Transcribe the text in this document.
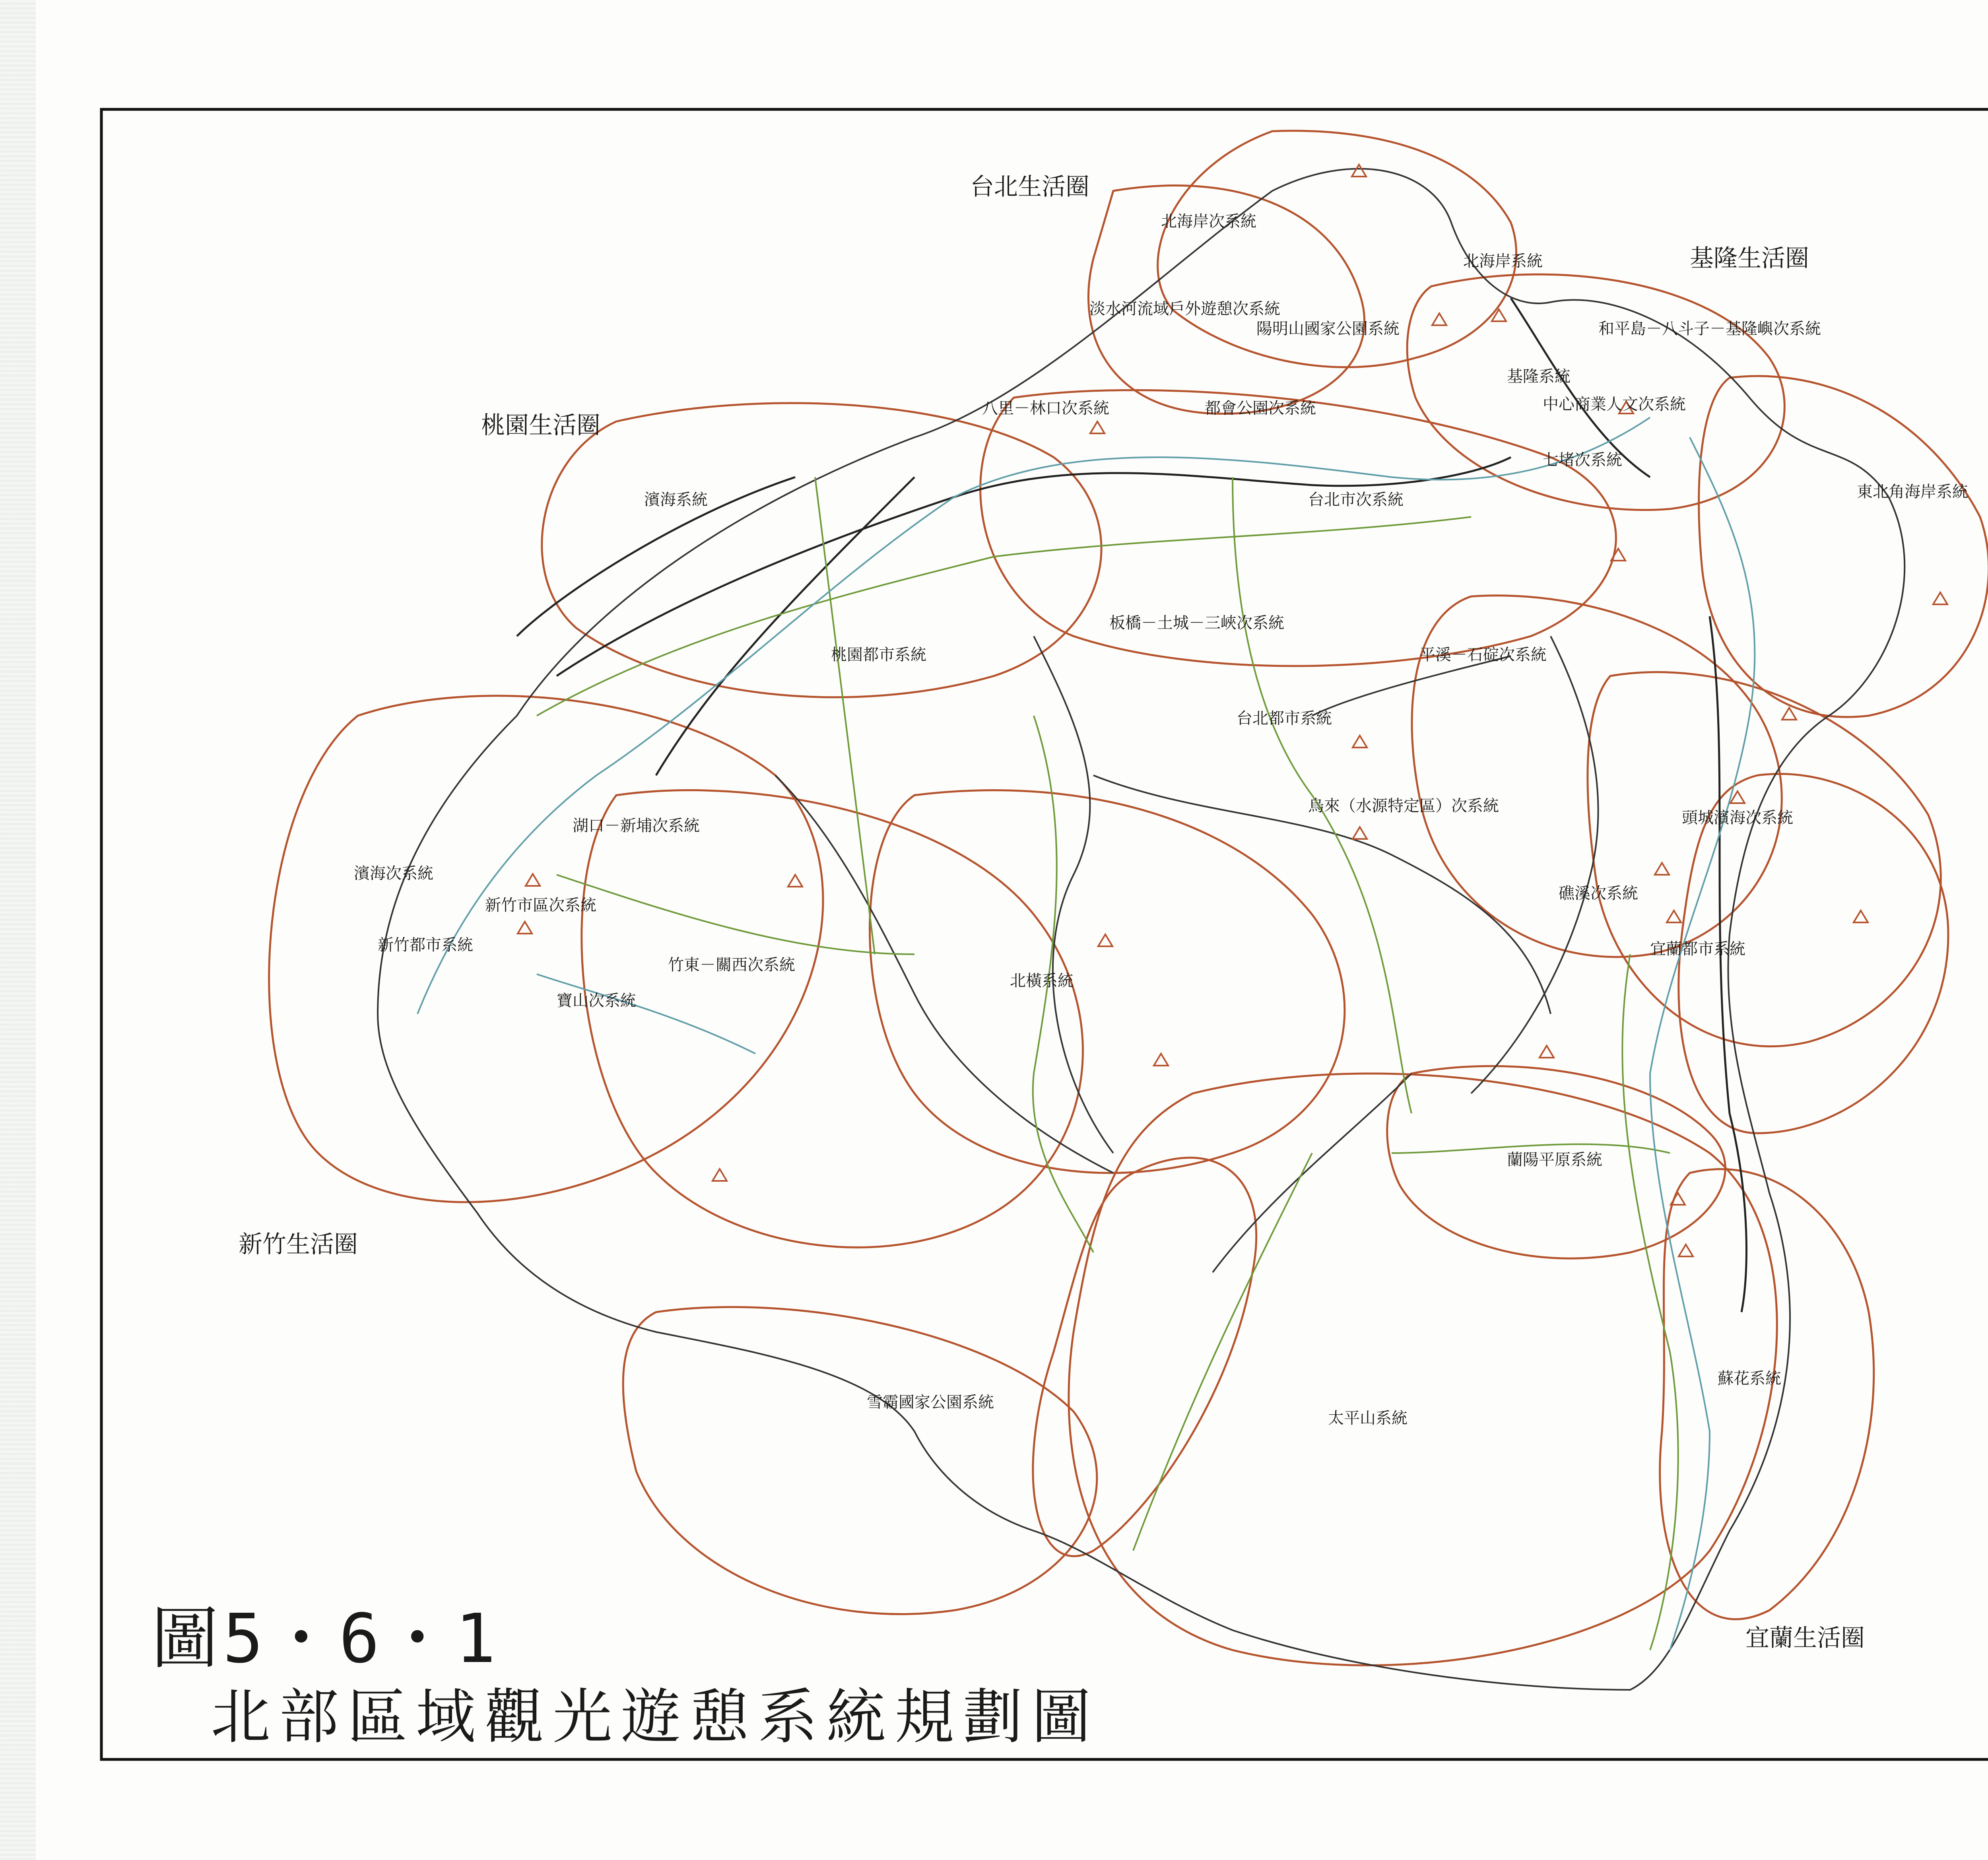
台北生活圈
基隆生活圈
桃園生活圈
新竹生活圈
宜蘭生活圈
北海岸次系統
北海岸系統
淡水河流域戶外遊憩次系統
陽明山國家公園系統	和平島－八斗子－基隆嶼次系統
基隆系統
中心商業人文次系統
八里－林口次系統	都會公園次系統
七堵次系統
東北角海岸系統
濱海系統	台北市次系統
板橋－土城－三峽次系統
平溪－石碇次系統
桃園都市系統
台北都市系統
烏來（水源特定區）次系統
湖口－新埔次系統	頭城濱海次系統
濱海次系統
新竹市區次系統
礁溪次系統
新竹都市系統	宜蘭都市系統
竹東－關西次系統
北橫系統
寶山次系統
蘭陽平原系統
蘇花系統
雪霸國家公園系統
太平山系統
圖5・6・1
北部區域觀光遊憩系統規劃圖
